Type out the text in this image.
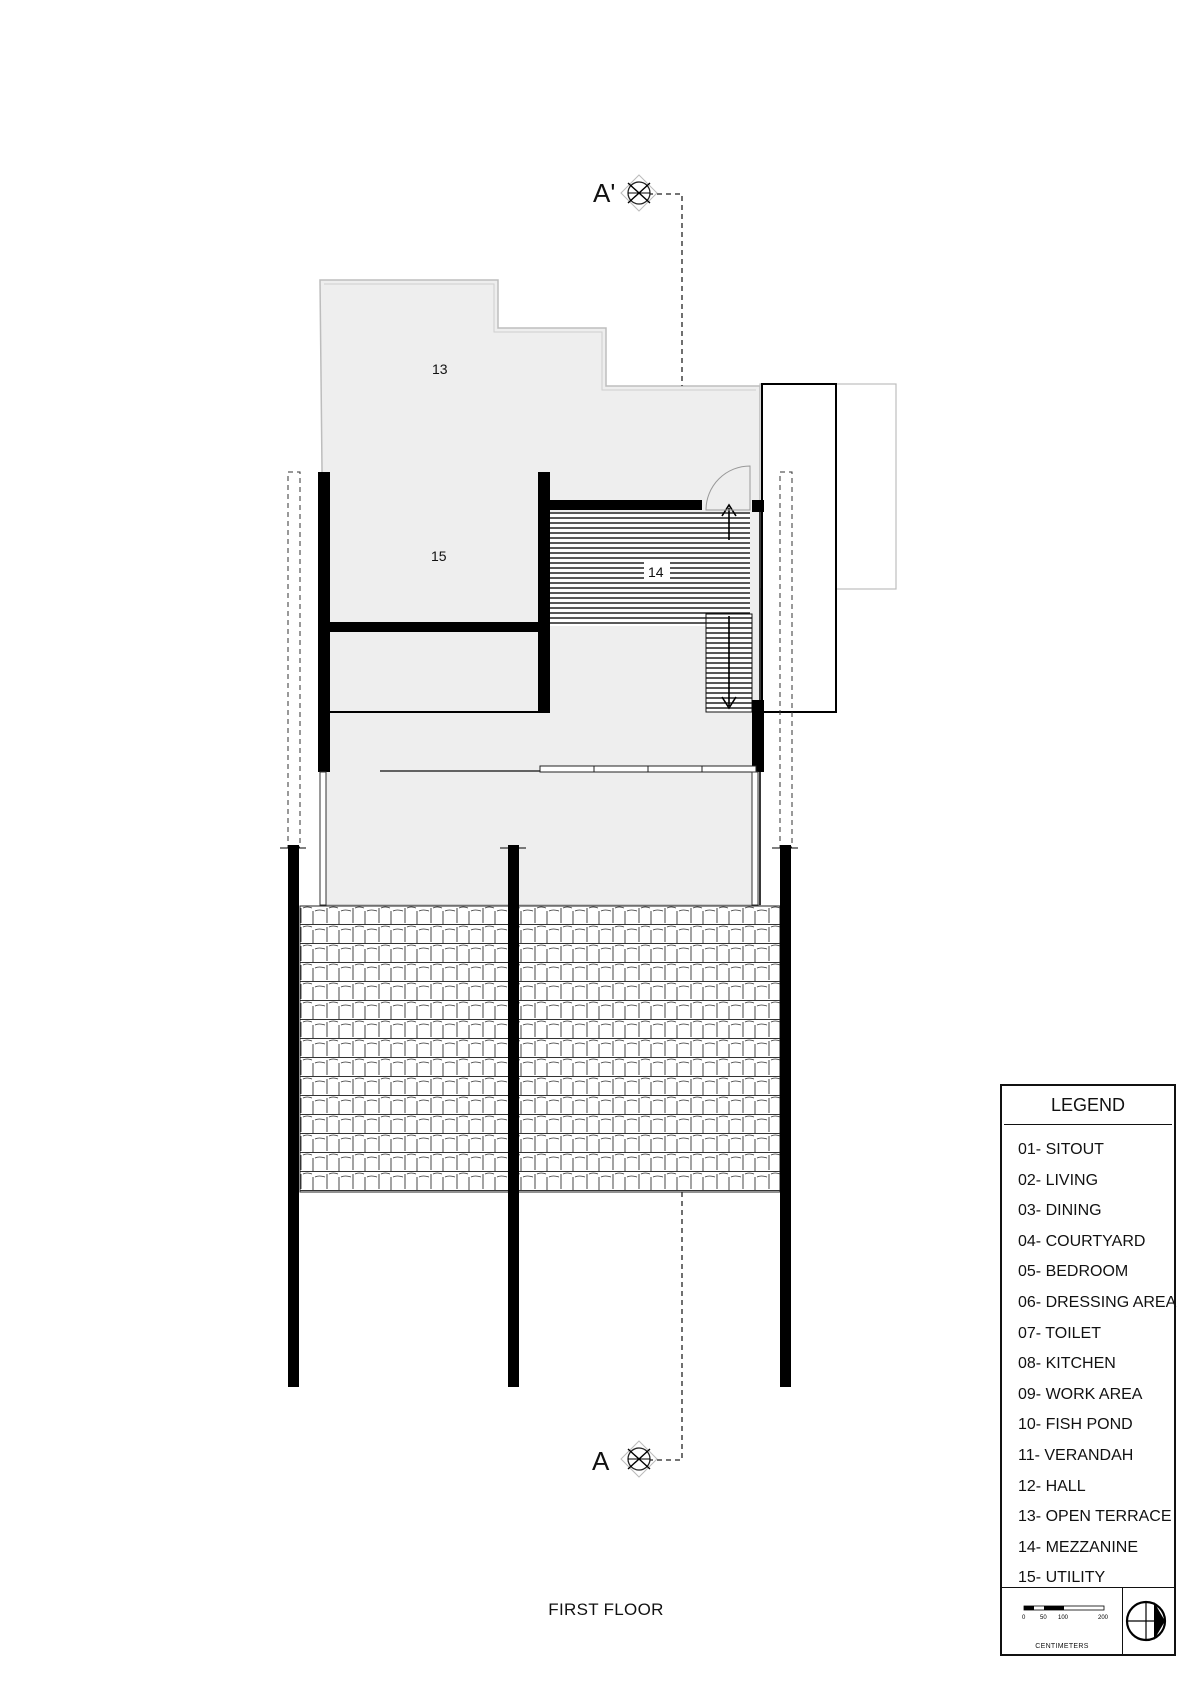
A'
A
13
15
14
FIRST FLOOR
LEGEND
01- SITOUT
02- LIVING
03- DINING
04- COURTYARD
05- BEDROOM
06- DRESSING AREA
07- TOILET
08- KITCHEN
09- WORK AREA
10- FISH POND
11- VERANDAH
12- HALL
13- OPEN TERRACE
14- MEZZANINE
15- UTILITY
0 50 100	200
CENTIMETERS
